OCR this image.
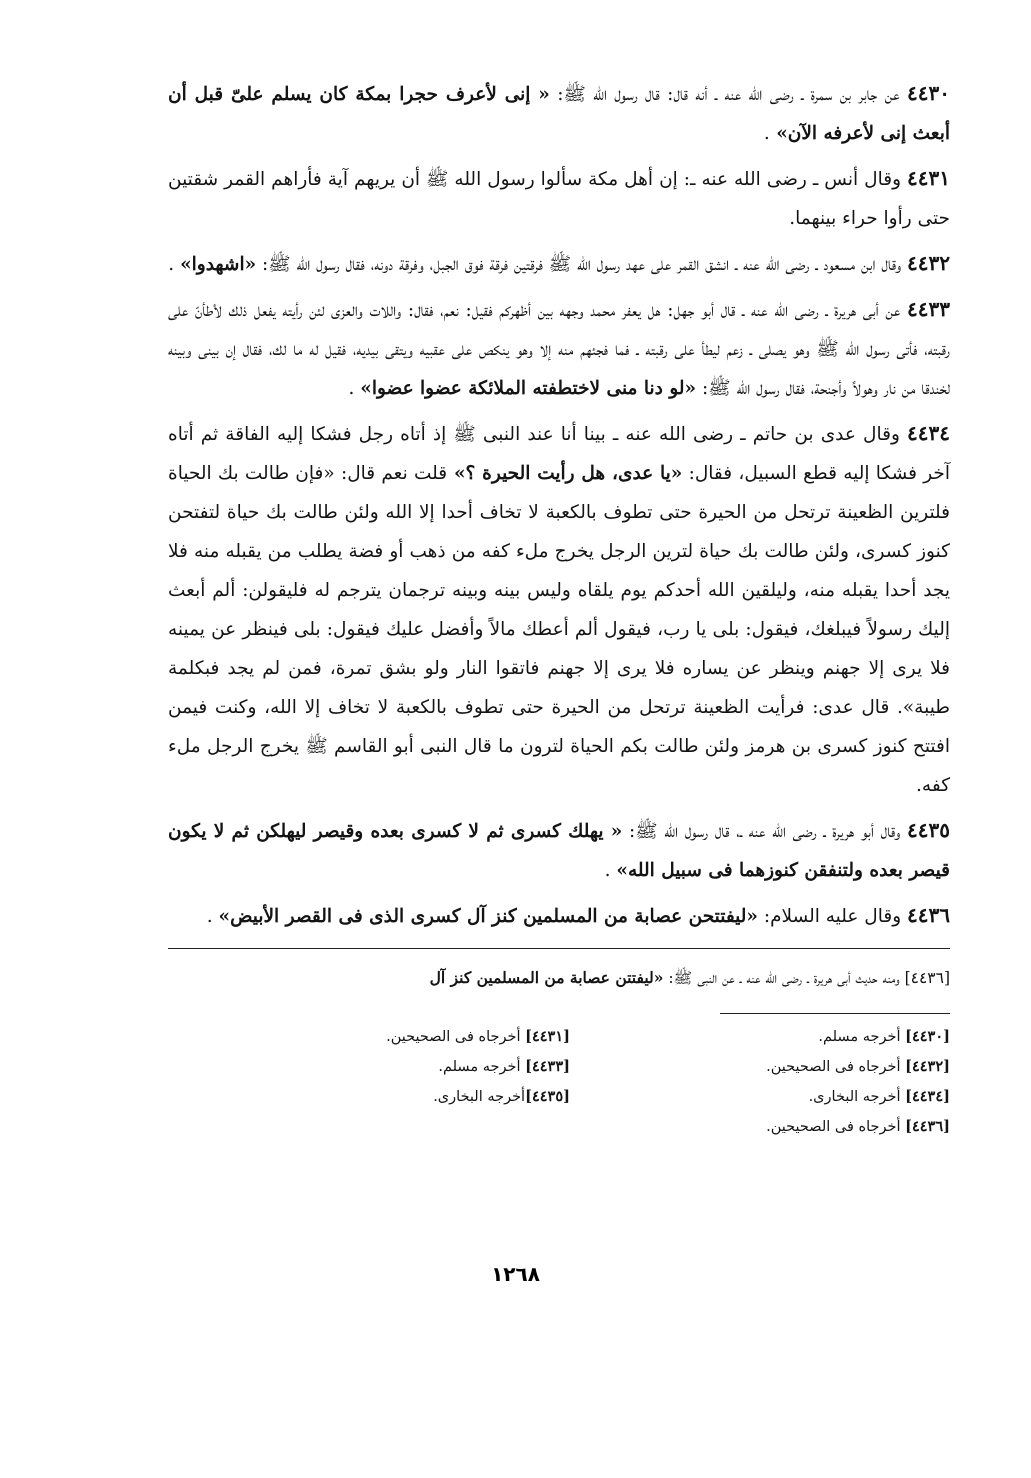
٤٤٣٠ عن جابر بن سمرة ـ رضى الله عنه ـ أنه قال: قال رسول الله ﷺ: « إنى لأعرف حجرا بمكة كان يسلم علىّ قبل أن أبعث إنى لأعرفه الآن» .

٤٤٣١ وقال أنس ـ رضى الله عنه ـ: إن أهل مكة سألوا رسول الله ﷺ أن يريهم آية فأراهم القمر شقتين حتى رأوا حراء بينهما.

٤٤٣٢ وقال ابن مسعود ـ رضى الله عنه ـ انشق القمر على عهد رسول الله ﷺ فرقتين فرقة فوق الجبل، وفرقة دونه، فقال رسول الله ﷺ: «اشهدوا» .

٤٤٣٣ عن أبى هريرة ـ رضى الله عنه ـ قال أبو جهل: هل يعفر محمد وجهه بين أظهركم فقيل: نعم، فقال: واللات والعزى لئن رأيته يفعل ذلك لأطأنّ على رقبته، فأتى رسول الله ﷺ وهو يصلى ـ زعم ليطأ على رقبته ـ فما فجئهم منه إلا وهو ينكص على عقبيه ويتقى بيديه، فقيل له ما لك، فقال إن بينى وبينه لخندقا من نار وهولاً وأجنحة، فقال رسول الله ﷺ: «لو دنا منى لاختطفته الملائكة عضوا عضوا» .

٤٤٣٤ وقال عدى بن حاتم ـ رضى الله عنه ـ بينا أنا عند النبى ﷺ إذ أتاه رجل فشكا إليه الفاقة ثم أتاه آخر فشكا إليه قطع السبيل، فقال: «يا عدى، هل رأيت الحيرة ؟» قلت نعم قال: «فإن طالت بك الحياة فلترين الظعينة ترتحل من الحيرة حتى تطوف بالكعبة لا تخاف أحدا إلا الله ولئن طالت بك حياة لتفتحن كنوز كسرى، ولئن طالت بك حياة لترين الرجل يخرج ملء كفه من ذهب أو فضة يطلب من يقبله منه فلا يجد أحدا يقبله منه، وليلقين الله أحدكم يوم يلقاه وليس بينه وبينه ترجمان يترجم له فليقولن: ألم أبعث إليك رسولاً فيبلغك، فيقول: بلى يا رب، فيقول ألم أعطك مالاً وأفضل عليك فيقول: بلى فينظر عن يمينه فلا يرى إلا جهنم وينظر عن يساره فلا يرى إلا جهنم فاتقوا النار ولو بشق تمرة، فمن لم يجد فبكلمة طيبة». قال عدى: فرأيت الظعينة ترتحل من الحيرة حتى تطوف بالكعبة لا تخاف إلا الله، وكنت فيمن افتتح كنوز كسرى بن هرمز ولئن طالت بكم الحياة لترون ما قال النبى أبو القاسم ﷺ يخرج الرجل ملء كفه.

٤٤٣٥ وقال أبو هريرة ـ رضى الله عنه ـ، قال رسول الله ﷺ: « يهلك كسرى ثم لا كسرى بعده وقيصر ليهلكن ثم لا يكون قيصر بعده ولتنفقن كنوزهما فى سبيل الله» .

٤٤٣٦ وقال عليه السلام: «ليفتتحن عصابة من المسلمين كنز آل كسرى الذى فى القصر الأبيض» .

[٤٤٣٦] ومنه حديث أبى هريرة ـ رضى الله عنه ـ عن النبى ﷺ: «ليفتتن عصابة من المسلمين كنز آل

[٤٤٣٠] أخرجه مسلم.
[٤٤٣٢] أخرجاه فى الصحيحين.
[٤٤٣٤] أخرجه البخارى.
[٤٤٣٦] أخرجاه فى الصحيحين.
[٤٤٣١] أخرجاه فى الصحيحين.
[٤٤٣٣] أخرجه مسلم.
[٤٤٣٥]أخرجه البخارى.
١٢٦٨
